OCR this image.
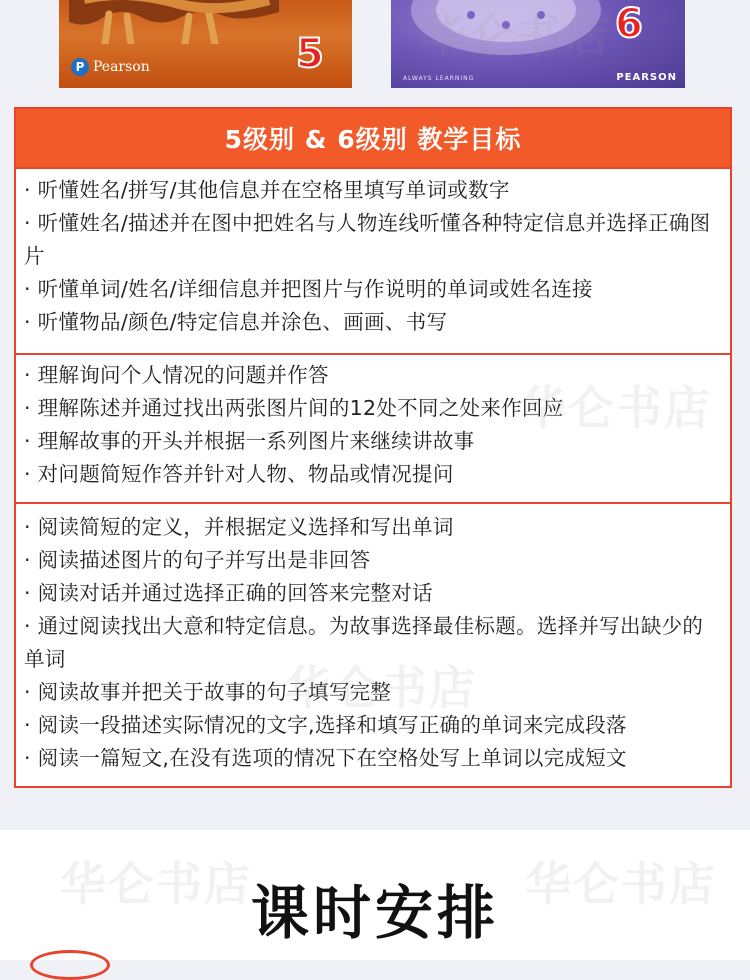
5
P Pearson
6
ALWAYS LEARNING	PEARSON
5级别 & 6级别 教学目标

· 听懂姓名/拼写/其他信息并在空格里填写单词或数字

· 听懂姓名/描述并在图中把姓名与人物连线听懂各种特定信息并选择正确图片

· 听懂单词/姓名/详细信息并把图片与作说明的单词或姓名连接

· 听懂物品/颜色/特定信息并涂色、画画、书写

· 理解询问个人情况的问题并作答

· 理解陈述并通过找出两张图片间的12处不同之处来作回应

· 理解故事的开头并根据一系列图片来继续讲故事

· 对问题简短作答并针对人物、物品或情况提问

· 阅读简短的定义，并根据定义选择和写出单词

· 阅读描述图片的句子并写出是非回答

· 阅读对话并通过选择正确的回答来完整对话

· 通过阅读找出大意和特定信息。为故事选择最佳标题。选择并写出缺少的单词

· 阅读故事并把关于故事的句子填写完整

· 阅读一段描述实际情况的文字,选择和填写正确的单词来完成段落

· 阅读一篇短文,在没有选项的情况下在空格处写上单词以完成短文

课时安排
